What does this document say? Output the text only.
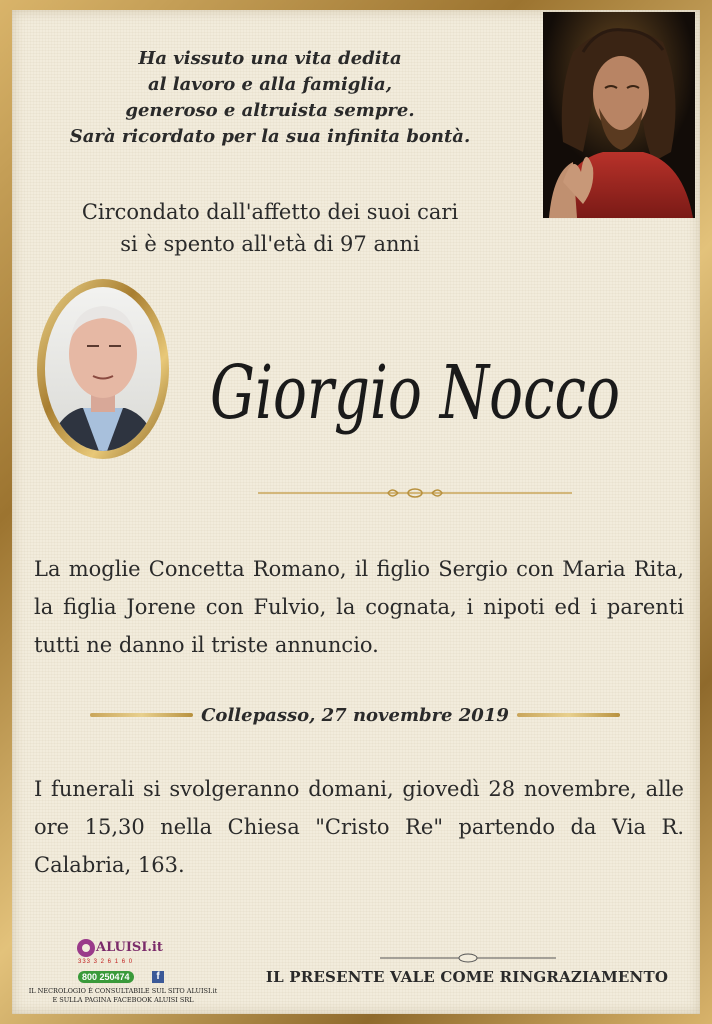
Ha vissuto una vita dedita
al lavoro e alla famiglia,
generoso e altruista sempre.
Sarà ricordato per la sua infinita bontà.
Circondato dall'affetto dei suoi cari
si è spento all'età di 97 anni
Giorgio Nocco
La moglie Concetta Romano, il figlio Sergio con Maria Rita, la figlia Jorene con Fulvio, la cognata, i nipoti ed i parenti tutti ne danno il triste annuncio.
Collepasso, 27 novembre 2019
I funerali si svolgeranno domani, giovedì 28 novembre, alle ore 15,30 nella Chiesa "Cristo Re" partendo da Via R. Calabria, 163.
IL PRESENTE VALE COME RINGRAZIAMENTO
ALUISI.it
333 3 2 6 1 6 0
800 250474	f
IL NECROLOGIO È CONSULTABILE SUL SITO ALUISI.it
E SULLA PAGINA FACEBOOK ALUISI SRL
